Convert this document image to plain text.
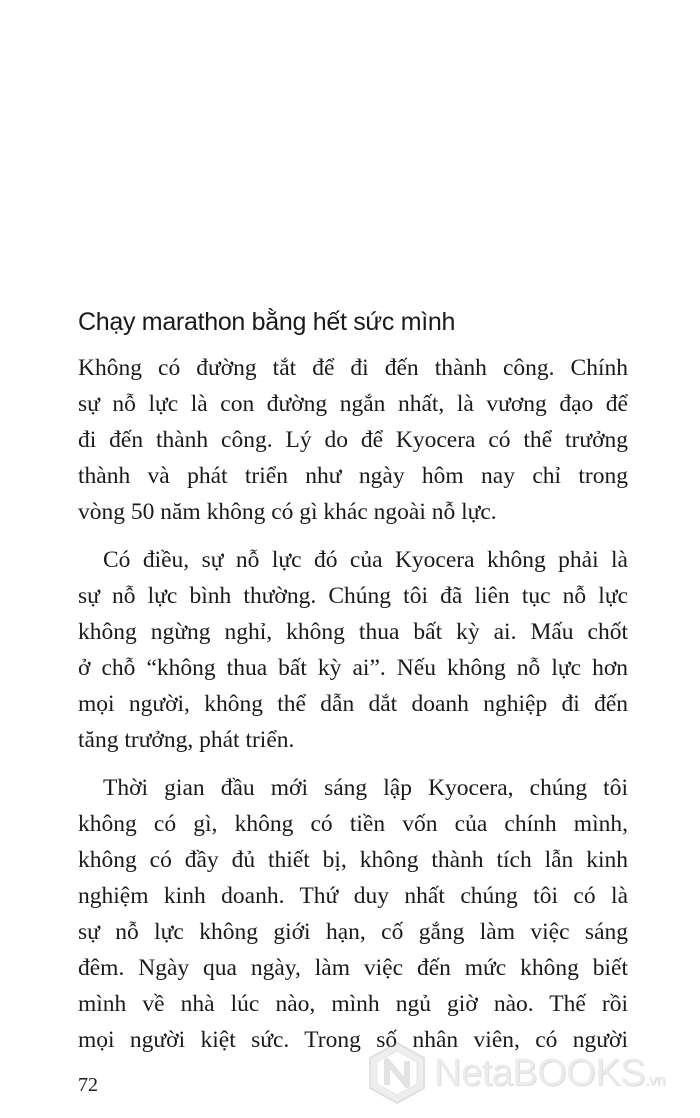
Chạy marathon bằng hết sức mình

Không có đường tắt để đi đến thành công. Chính
sự nỗ lực là con đường ngắn nhất, là vương đạo để
đi đến thành công. Lý do để Kyocera có thể trưởng
thành và phát triển như ngày hôm nay chỉ trong
vòng 50 năm không có gì khác ngoài nỗ lực.

Có điều, sự nỗ lực đó của Kyocera không phải là
sự nỗ lực bình thường. Chúng tôi đã liên tục nỗ lực
không ngừng nghỉ, không thua bất kỳ ai. Mấu chốt
ở chỗ “không thua bất kỳ ai”. Nếu không nỗ lực hơn
mọi người, không thể dẫn dắt doanh nghiệp đi đến
tăng trưởng, phát triển.

Thời gian đầu mới sáng lập Kyocera, chúng tôi
không có gì, không có tiền vốn của chính mình,
không có đầy đủ thiết bị, không thành tích lẫn kinh
nghiệm kinh doanh. Thứ duy nhất chúng tôi có là
sự nỗ lực không giới hạn, cố gắng làm việc sáng
đêm. Ngày qua ngày, làm việc đến mức không biết
mình về nhà lúc nào, mình ngủ giờ nào. Thế rồi
mọi người kiệt sức. Trong số nhân viên, có người

72	NetaBOOKS.vn
